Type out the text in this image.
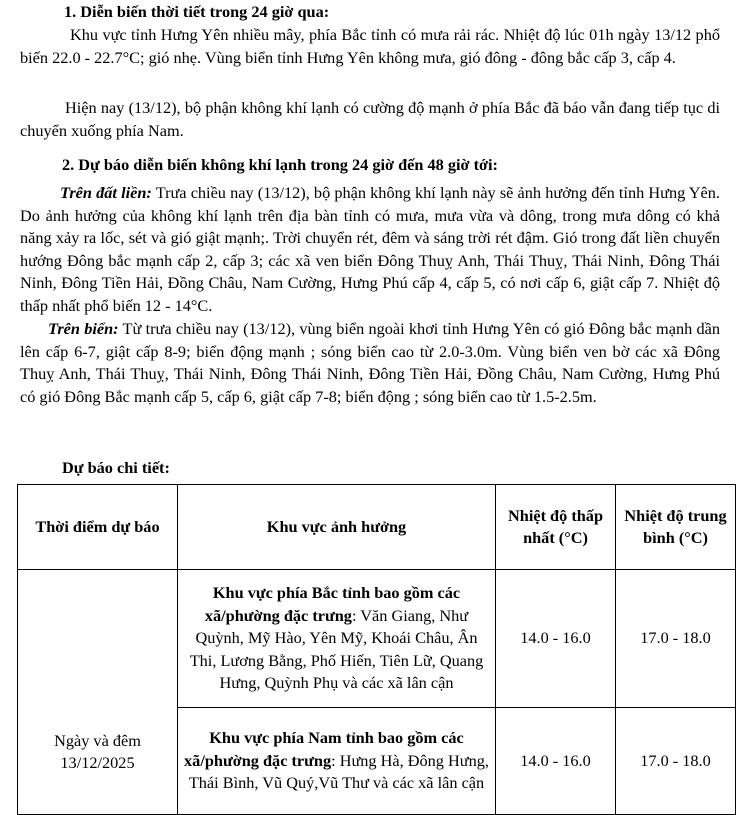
1. Diễn biến thời tiết trong 24 giờ qua:

Khu vực tỉnh Hưng Yên nhiều mây, phía Bắc tỉnh có mưa rải rác. Nhiệt độ lúc 01h ngày 13/12 phổ biến 22.0 - 22.7°C; gió nhẹ. Vùng biển tỉnh Hưng Yên không mưa, gió đông - đông bắc cấp 3, cấp 4.

Hiện nay (13/12), bộ phận không khí lạnh có cường độ mạnh ở phía Bắc đã báo vẫn đang tiếp tục di chuyển xuống phía Nam.

2. Dự báo diễn biến không khí lạnh trong 24 giờ đến 48 giờ tới:

Trên đất liền: Trưa chiều nay (13/12), bộ phận không khí lạnh này sẽ ảnh hưởng đến tỉnh Hưng Yên. Do ảnh hưởng của không khí lạnh trên địa bàn tỉnh có mưa, mưa vừa và dông, trong mưa dông có khả năng xảy ra lốc, sét và gió giật mạnh;. Trời chuyển rét, đêm và sáng trời rét đậm. Gió trong đất liền chuyển hướng Đông bắc mạnh cấp 2, cấp 3; các xã ven biển Đông Thuỵ Anh, Thái Thuỵ, Thái Ninh, Đông Thái Ninh, Đông Tiền Hải, Đồng Châu, Nam Cường, Hưng Phú cấp 4, cấp 5, có nơi cấp 6, giật cấp 7. Nhiệt độ thấp nhất phổ biến 12 - 14°C.

Trên biển: Từ trưa chiều nay (13/12), vùng biển ngoài khơi tỉnh Hưng Yên có gió Đông bắc mạnh dần lên cấp 6-7, giật cấp 8-9; biển động mạnh ; sóng biển cao từ 2.0-3.0m. Vùng biển ven bờ các xã Đông Thuỵ Anh, Thái Thuỵ, Thái Ninh, Đông Thái Ninh, Đông Tiền Hải, Đồng Châu, Nam Cường, Hưng Phú có gió Đông Bắc mạnh cấp 5, cấp 6, giật cấp 7-8; biển động ; sóng biển cao từ 1.5-2.5m.

Dự báo chi tiết:

Thời điểm dự báo	Khu vực ảnh hưởng	Nhiệt độ thấp nhất (°C)	Nhiệt độ trung bình (°C)
Ngày và đêm
13/12/2025	Khu vực phía Bắc tỉnh bao gồm các xã/phường đặc trưng: Văn Giang, Như Quỳnh, Mỹ Hào, Yên Mỹ, Khoái Châu, Ân Thi, Lương Bằng, Phố Hiến, Tiên Lữ, Quang Hưng, Quỳnh Phụ và các xã lân cận	14.0 - 16.0	17.0 - 18.0
	Khu vực phía Nam tỉnh bao gồm các xã/phường đặc trưng: Hưng Hà, Đông Hưng, Thái Bình, Vũ Quý,Vũ Thư và các xã lân cận	14.0 - 16.0	17.0 - 18.0
